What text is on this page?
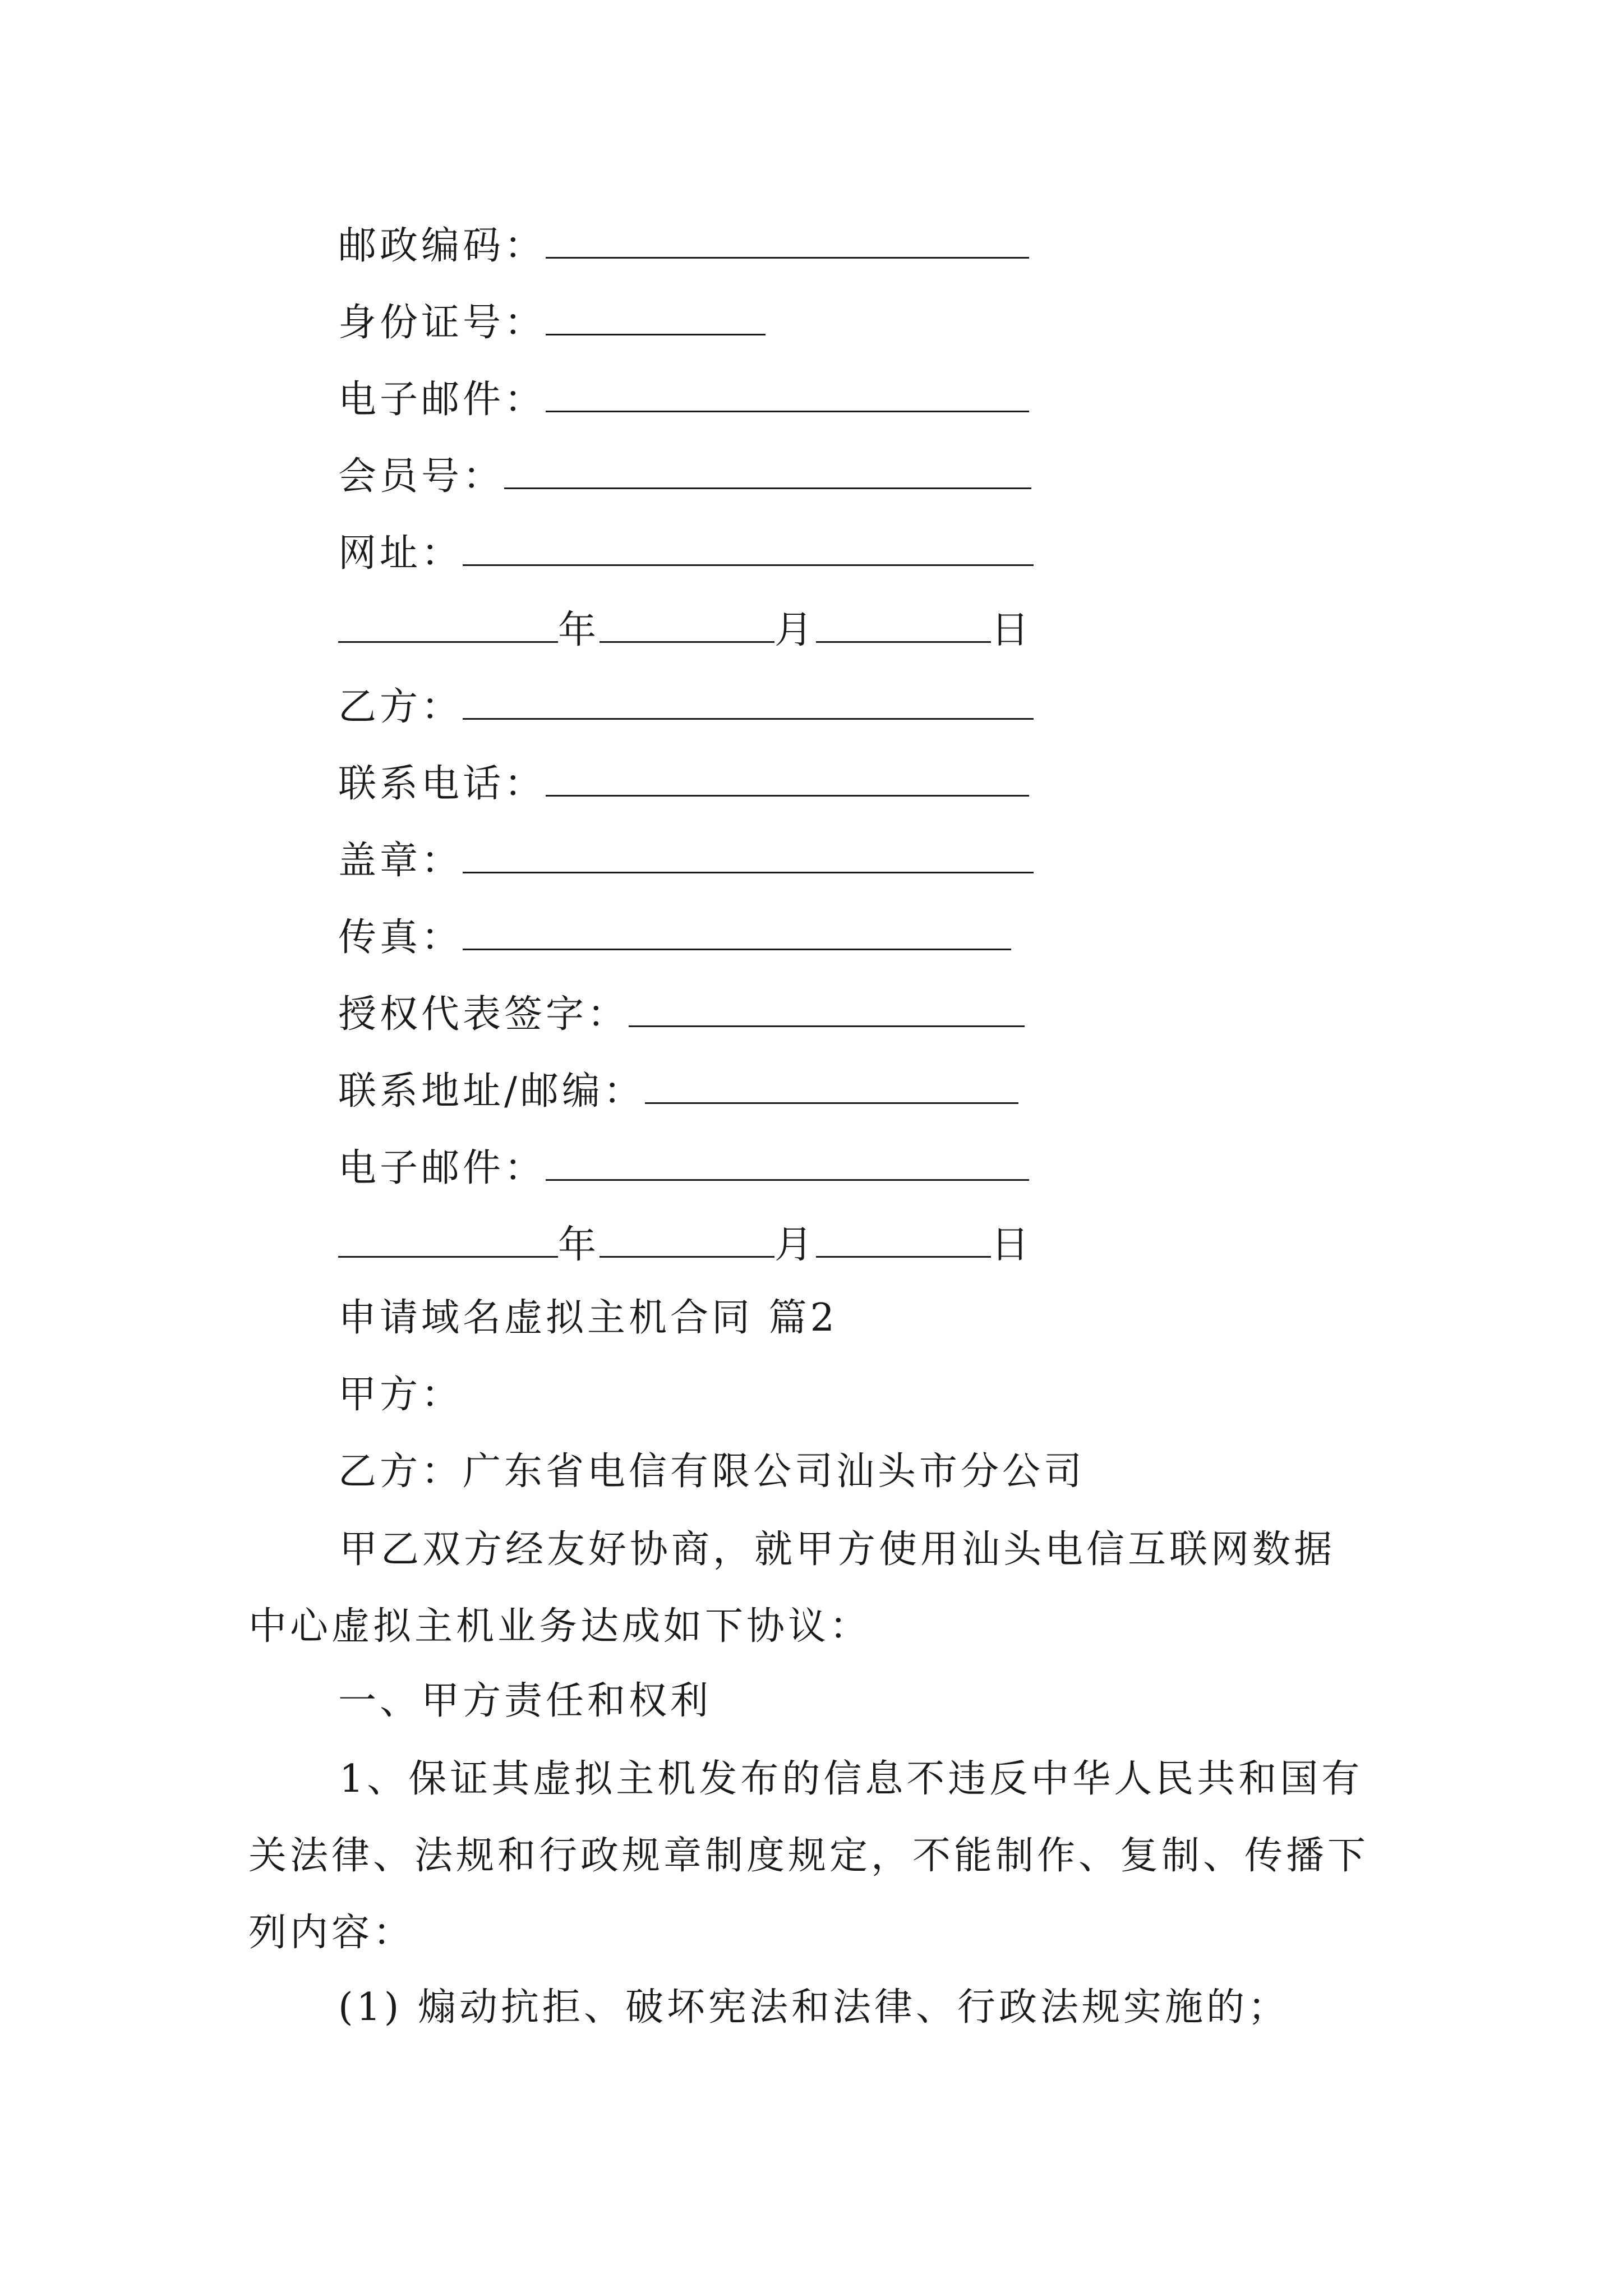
邮政编码：
身份证号：
电子邮件：
会员号：
网址：
年	月	日
乙方：
联系电话：
盖章：
传真：
授权代表签字：
联系地址/邮编：
电子邮件：
年	月	日
申请域名虚拟主机合同 篇2
甲方：
乙方：广东省电信有限公司汕头市分公司
甲乙双方经友好协商，就甲方使用汕头电信互联网数据中心虚拟主机业务达成如下协议：
一、甲方责任和权利
1、保证其虚拟主机发布的信息不违反中华人民共和国有关法律、法规和行政规章制度规定，不能制作、复制、传播下列内容：
(1) 煽动抗拒、破坏宪法和法律、行政法规实施的；
